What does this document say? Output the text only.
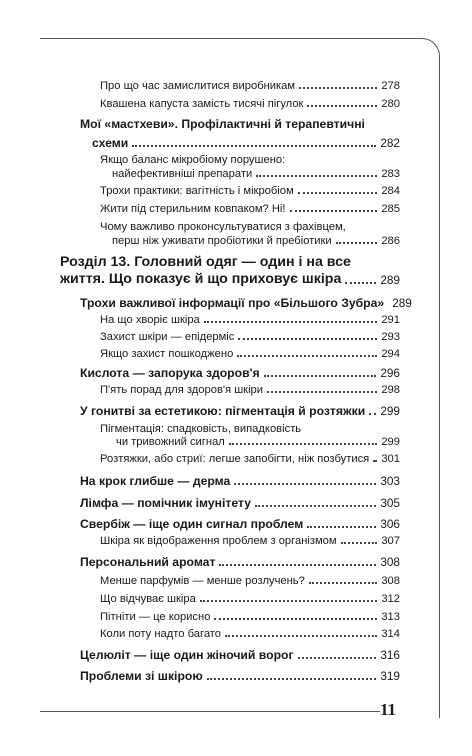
Про що час замислитися виробникам	278
Квашена капуста замість тисячі пігулок	280
Мої «мастхеви». Профілактичні й терапевтичні
схеми	282
Якщо баланс мікробіому порушено:
найефективніші препарати	283
Трохи практики: вагітність і мікробіом	284
Жити під стерильним ковпаком? Ні!	285
Чому важливо проконсультуватися з фахівцем,
перш ніж уживати пробіотики й пребіотики	286
Розділ 13. Головний одяг — один і на все
життя. Що показує й що приховує шкіра	289
Трохи важливої інформації про «Більшого Зубра» 289
На що хворіє шкіра	291
Захист шкіри — епідерміс	293
Якщо захист пошкоджено	294
Кислота — запорука здоров'я	296
П'ять порад для здоров'я шкіри	298
У гонитві за естетикою: пігментація й розтяжки 299
Пігментація: спадковість, випадковість
чи тривожний сигнал	299
Розтяжки, або стриї: легше запобігти, ніж позбутися 301
На крок глибше — дерма	303
Лімфа — помічник імунітету	305
Свербіж — іще один сигнал проблем	306
Шкіра як відображення проблем з організмом	307
Персональний аромат	308
Менше парфумів — менше розлучень?	308
Що відчуває шкіра	312
Пітніти — це корисно	313
Коли поту надто багато	314
Целюліт — іще один жіночий ворог	316
Проблеми зі шкірою	319
11
